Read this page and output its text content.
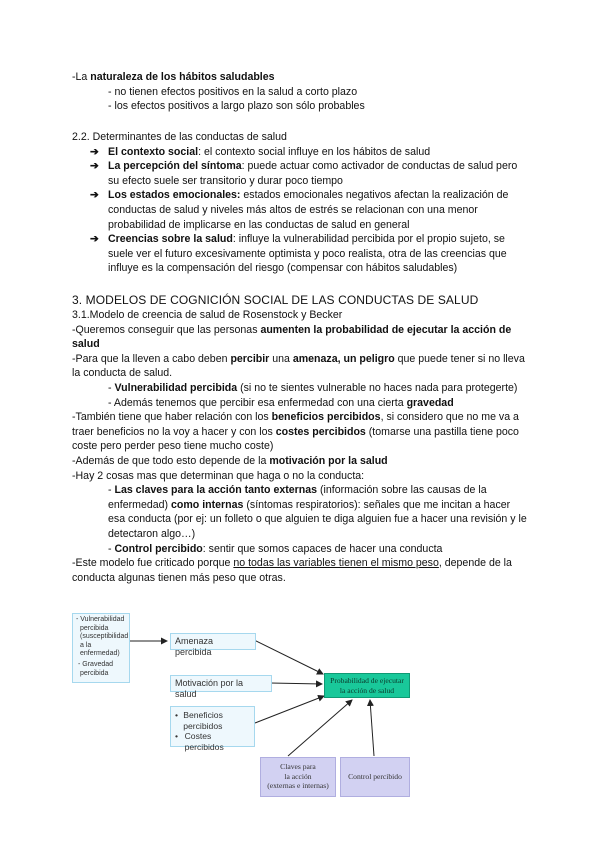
-La naturaleza de los hábitos saludables
- no tienen efectos positivos en la salud a corto plazo
- los efectos positivos a largo plazo son sólo probables
2.2. Determinantes de las conductas de salud
➔ El contexto social: el contexto social influye en los hábitos de salud
➔ La percepción del síntoma: puede actuar como activador de conductas de salud pero su efecto suele ser transitorio y durar poco tiempo
➔ Los estados emocionales: estados emocionales negativos afectan la realización de conductas de salud y niveles más altos de estrés se relacionan con una menor probabilidad de implicarse en las conductas de salud en general
➔ Creencias sobre la salud: influye la vulnerabilidad percibida por el propio sujeto, se suele ver el futuro excesivamente optimista y poco realista, otra de las creencias que influye es la compensación del riesgo (compensar con hábitos saludables)
3. MODELOS DE COGNICIÓN SOCIAL DE LAS CONDUCTAS DE SALUD
3.1.Modelo de creencia de salud de Rosenstock y Becker
-Queremos conseguir que las personas aumenten la probabilidad de ejecutar la acción de salud
-Para que la lleven a cabo deben percibir una amenaza, un peligro que puede tener si no lleva la conducta de salud.
- Vulnerabilidad percibida (si no te sientes vulnerable no haces nada para protegerte)
- Además tenemos que percibir esa enfermedad con una cierta gravedad
-También tiene que haber relación con los beneficios percibidos, si considero que no me va a traer beneficios no la voy a hacer y con los costes percibidos (tomarse una pastilla tiene poco coste pero perder peso tiene mucho coste)
-Además de que todo esto depende de la motivación por la salud
-Hay 2 cosas mas que determinan que haga o no la conducta:
- Las claves para la acción tanto externas (información sobre las causas de la enfermedad) como internas (síntomas respiratorios): señales que me incitan a hacer esa conducta (por ej: un folleto o que alguien te diga alguien fue a hacer una revisión y le detectaron algo…)
- Control percibido: sentir que somos capaces de hacer una conducta
-Este modelo fue criticado porque no todas las variables tienen el mismo peso, depende de la conducta algunas tienen más peso que otras.
- Vulnerabilidad
percibida
(susceptibilidad
a la enfermedad)
- Gravedad
percibida
Amenaza percibida
Motivación por la salud
• Beneficios percibidos
• Costes percibidos
Probabilidad de ejecutar
la acción de salud
Claves para
la acción
(externas e internas)
Control percibido
